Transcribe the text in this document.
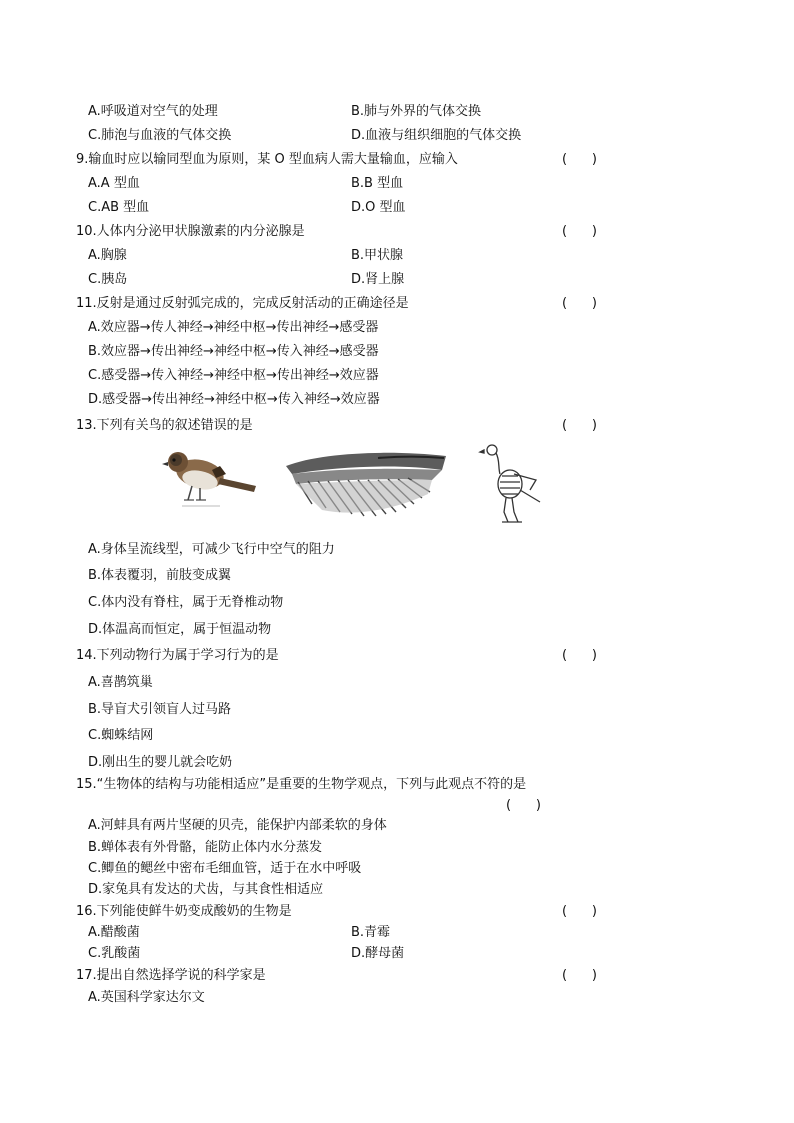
A.呼吸道对空气的处理	B.肺与外界的气体交换
C.肺泡与血液的气体交换	D.血液与组织细胞的气体交换
9.输血时应以输同型血为原则，某 O 型血病人需大量输血，应输入	(      )
A.A 型血	B.B 型血
C.AB 型血	D.O 型血
10.人体内分泌甲状腺激素的内分泌腺是	(      )
A.胸腺	B.甲状腺
C.胰岛	D.肾上腺
11.反射是通过反射弧完成的，完成反射活动的正确途径是	(      )
A.效应器→传人神经→神经中枢→传出神经→感受器
B.效应器→传出神经→神经中枢→传入神经→感受器
C.感受器→传入神经→神经中枢→传出神经→效应器
D.感受器→传出神经→神经中枢→传入神经→效应器
13.下列有关鸟的叙述错误的是	(      )
A.身体呈流线型，可减少飞行中空气的阻力
B.体表覆羽，前肢变成翼
C.体内没有脊柱，属于无脊椎动物
D.体温高而恒定，属于恒温动物
14.下列动物行为属于学习行为的是	(      )
A.喜鹊筑巢
B.导盲犬引领盲人过马路
C.蜘蛛结网
D.刚出生的婴儿就会吃奶
15.“生物体的结构与功能相适应”是重要的生物学观点，下列与此观点不符的是
(      )
A.河蚌具有两片坚硬的贝壳，能保护内部柔软的身体
B.蝉体表有外骨骼，能防止体内水分蒸发
C.鲫鱼的鳃丝中密布毛细血管，适于在水中呼吸
D.家兔具有发达的犬齿，与其食性相适应
16.下列能使鲜牛奶变成酸奶的生物是	(      )
A.醋酸菌	B.青霉
C.乳酸菌	D.酵母菌
17.提出自然选择学说的科学家是	(      )
A.英国科学家达尔文
